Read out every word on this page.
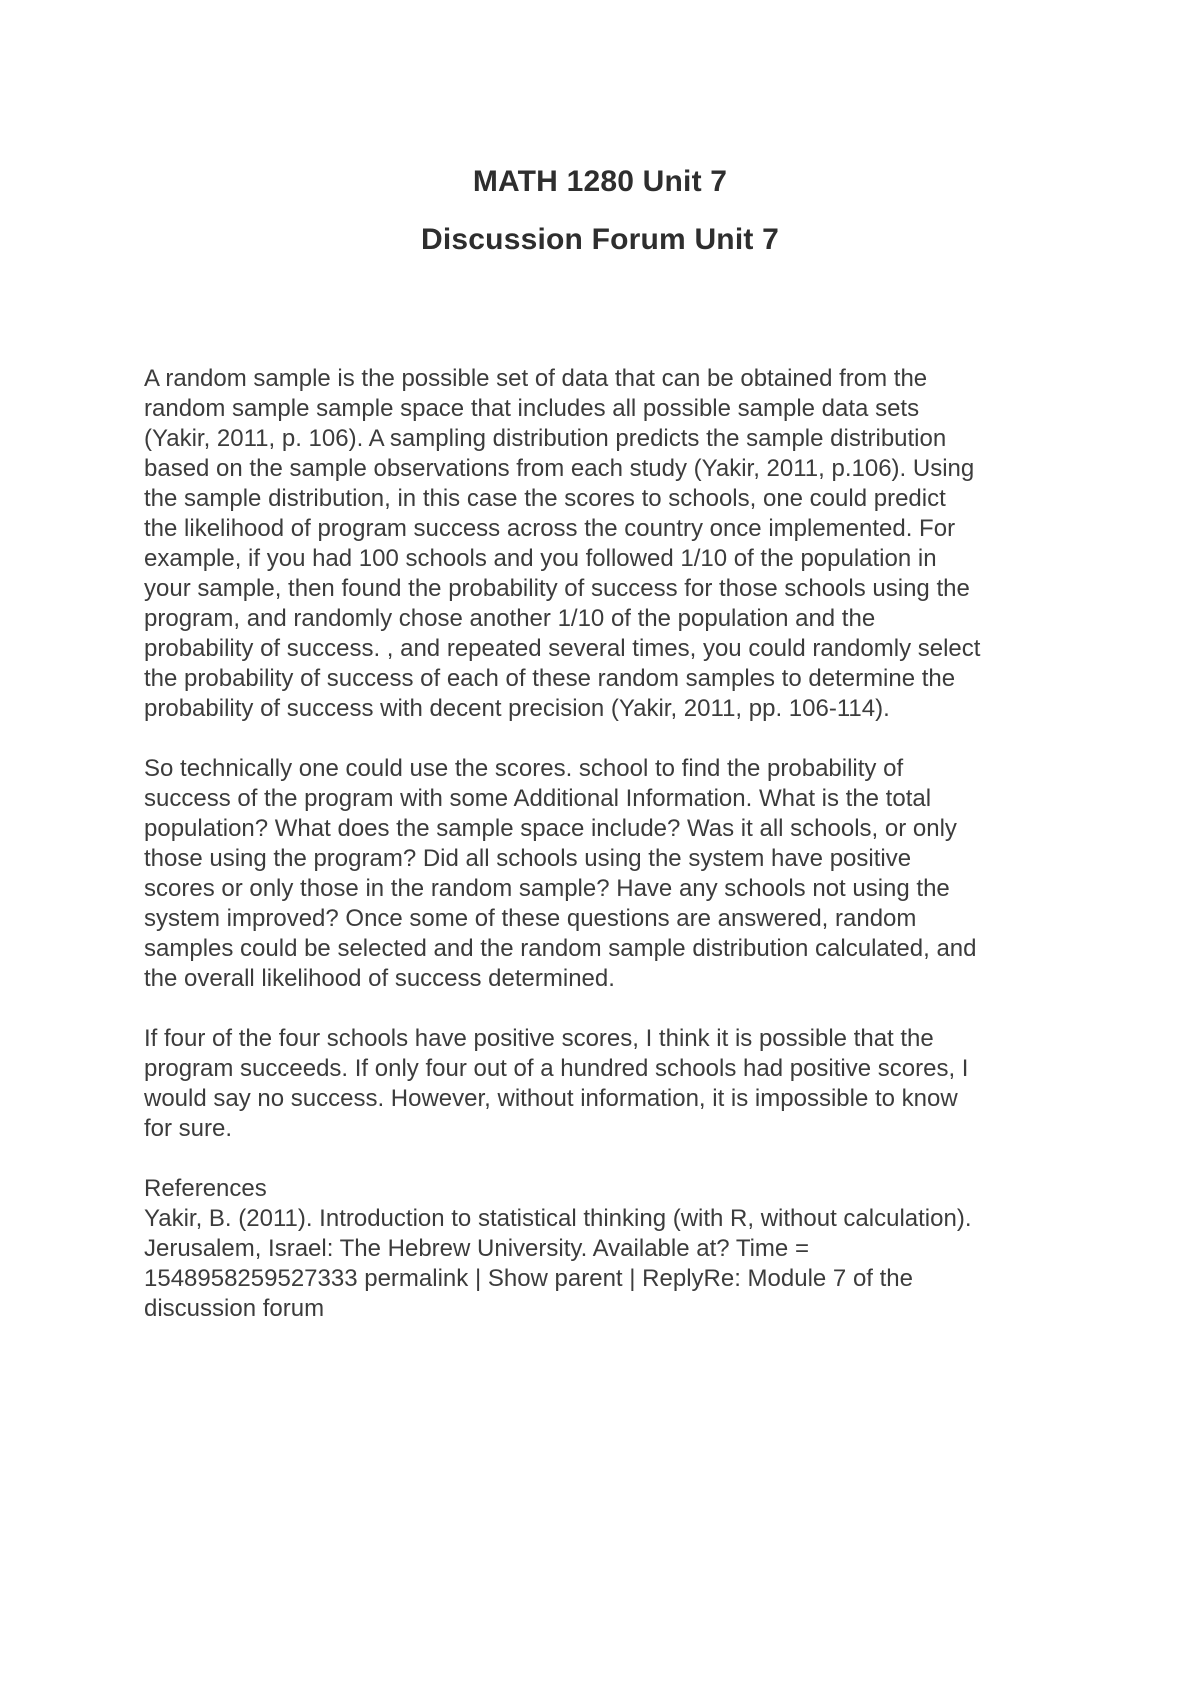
MATH 1280 Unit 7
Discussion Forum Unit 7
A random sample is the possible set of data that can be obtained from the
random sample sample space that includes all possible sample data sets
(Yakir, 2011, p. 106). A sampling distribution predicts the sample distribution
based on the sample observations from each study (Yakir, 2011, p.106). Using
the sample distribution, in this case the scores to schools, one could predict
the likelihood of program success across the country once implemented. For
example, if you had 100 schools and you followed 1/10 of the population in
your sample, then found the probability of success for those schools using the
program, and randomly chose another 1/10 of the population and the
probability of success. , and repeated several times, you could randomly select
the probability of success of each of these random samples to determine the
probability of success with decent precision (Yakir, 2011, pp. 106-114).
So technically one could use the scores. school to find the probability of
success of the program with some Additional Information. What is the total
population? What does the sample space include? Was it all schools, or only
those using the program? Did all schools using the system have positive
scores or only those in the random sample? Have any schools not using the
system improved? Once some of these questions are answered, random
samples could be selected and the random sample distribution calculated, and
the overall likelihood of success determined.
If four of the four schools have positive scores, I think it is possible that the
program succeeds. If only four out of a hundred schools had positive scores, I
would say no success. However, without information, it is impossible to know
for sure.
References
Yakir, B. (2011). Introduction to statistical thinking (with R, without calculation).
Jerusalem, Israel: The Hebrew University. Available at? Time =
1548958259527333 permalink | Show parent | ReplyRe: Module 7 of the
discussion forum
